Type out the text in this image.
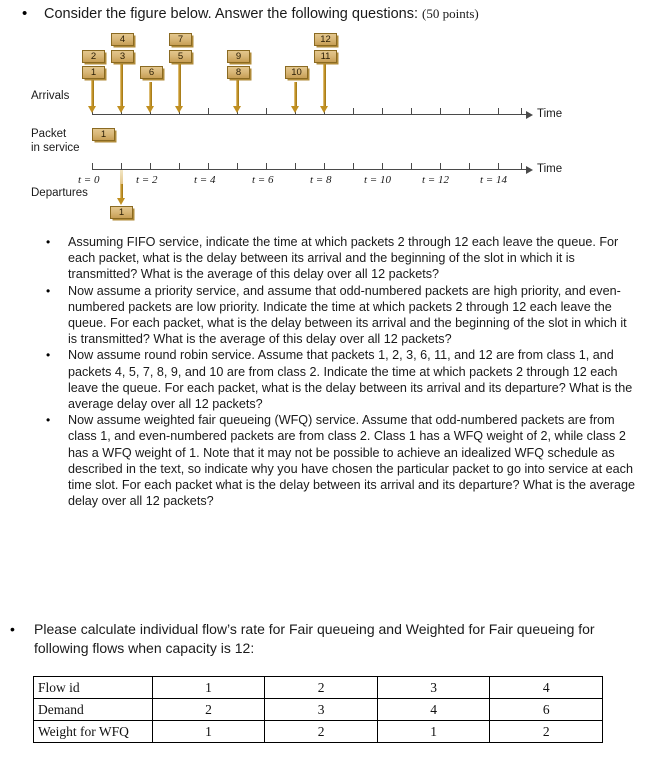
•	Consider the figure below. Answer the following questions: (50 points)
Arrivals
Packet
in service
Departures
Time
1
2	3
4
6
5
7
8
9
10
11
12
1
Time
t = 0	t = 2	t = 4	t = 6	t = 8	t = 10	t = 12	t = 14
1
•	Assuming FIFO service, indicate the time at which packets 2 through 12 each leave the queue. For each packet, what is the delay between its arrival and the beginning of the slot in which it is transmitted? What is the average of this delay over all 12 packets?
•	Now assume a priority service, and assume that odd-numbered packets are high priority, and even-numbered packets are low priority. Indicate the time at which packets 2 through 12 each leave the queue. For each packet, what is the delay between its arrival and the beginning of the slot in which it is transmitted? What is the average of this delay over all 12 packets?
•	Now assume round robin service. Assume that packets 1, 2, 3, 6, 11, and 12 are from class 1, and packets 4, 5, 7, 8, 9, and 10 are from class 2. Indicate the time at which packets 2 through 12 each leave the queue. For each packet, what is the delay between its arrival and its departure? What is the average delay over all 12 packets?
•	Now assume weighted fair queueing (WFQ) service. Assume that odd-numbered packets are from class 1, and even-numbered packets are from class 2. Class 1 has a WFQ weight of 2, while class 2 has a WFQ weight of 1. Note that it may not be possible to achieve an idealized WFQ schedule as described in the text, so indicate why you have chosen the particular packet to go into service at each time slot. For each packet what is the delay between its arrival and its departure? What is the average delay over all 12 packets?
•	Please calculate individual flow’s rate for Fair queueing and Weighted for Fair queueing for following flows when capacity is 12:
Flow id	1	2	3	4
Demand	2	3	4	6
Weight for WFQ	1	2	1	2
